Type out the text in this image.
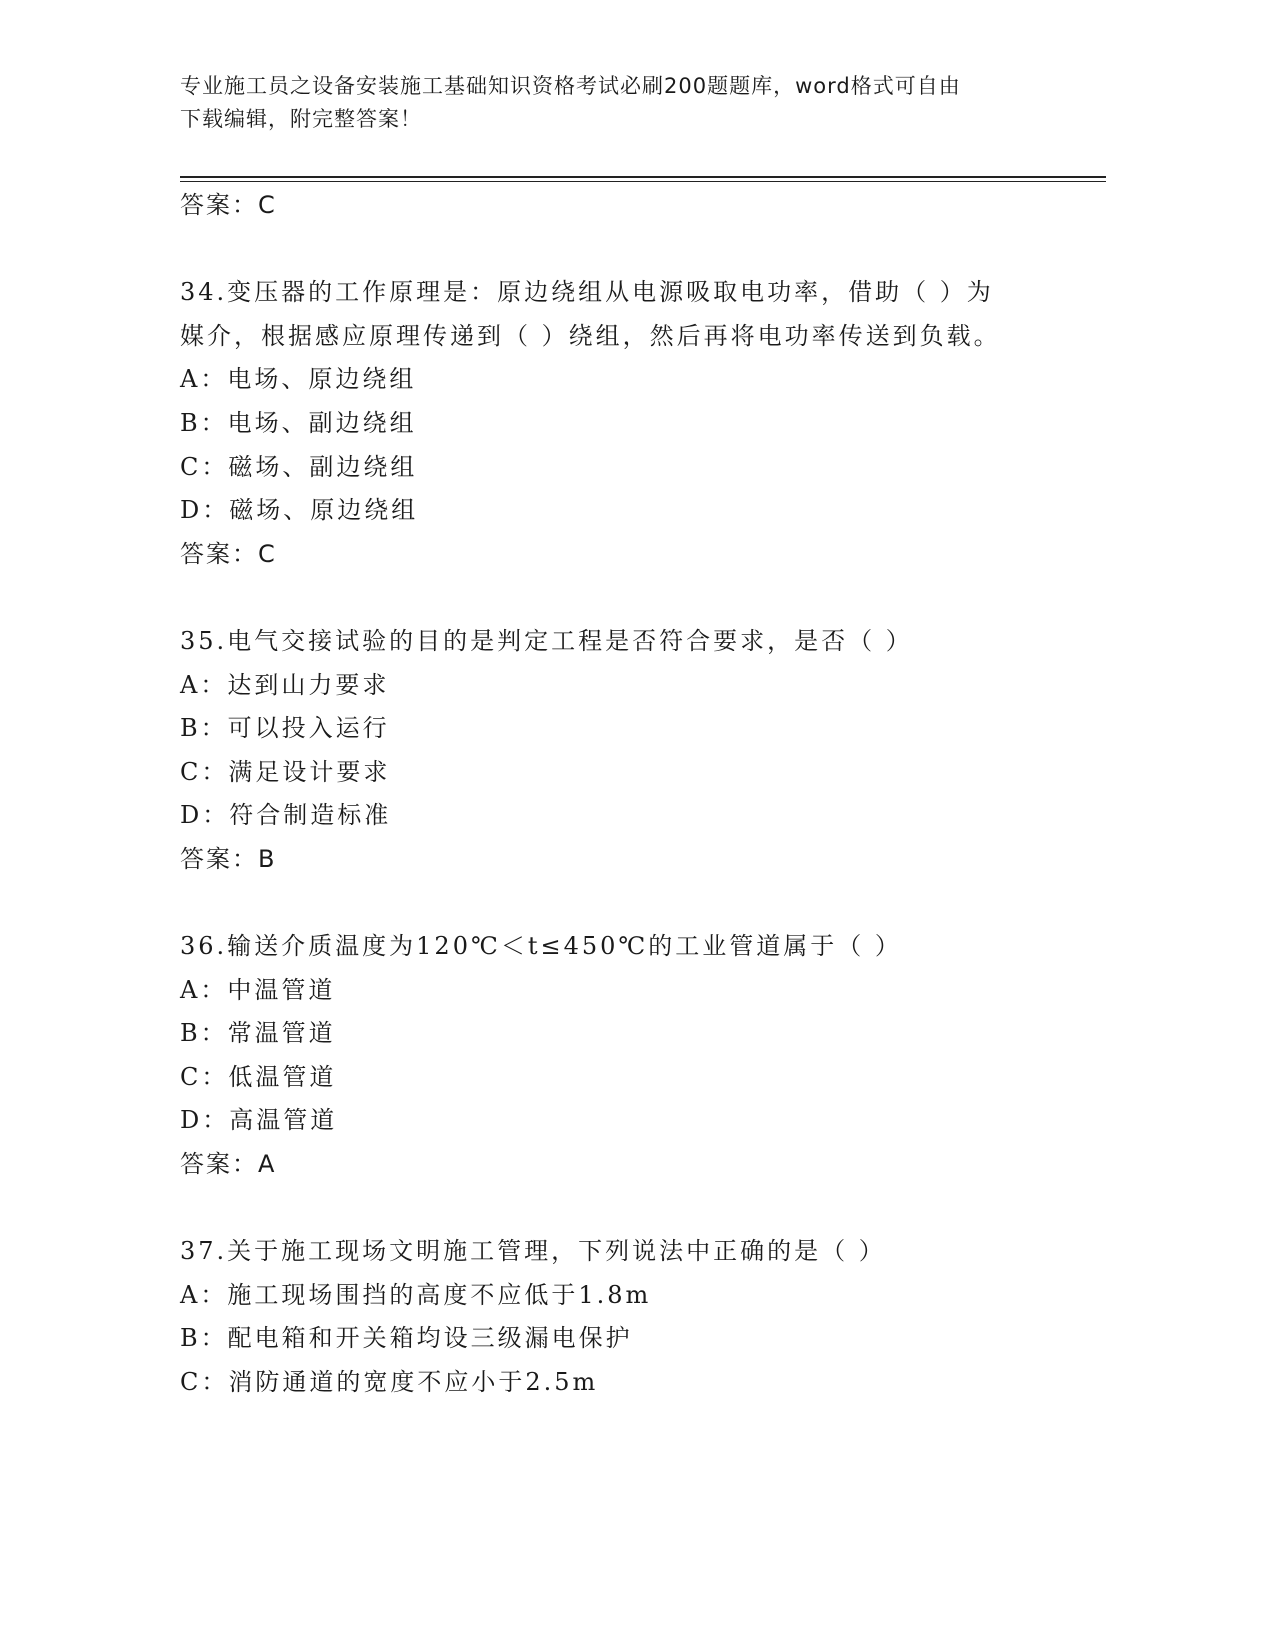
专业施工员之设备安装施工基础知识资格考试必刷200题题库，word格式可自由
下载编辑，附完整答案！
答案：C
34.变压器的工作原理是：原边绕组从电源吸取电功率，借助（ ）为
媒介，根据感应原理传递到（ ）绕组，然后再将电功率传送到负载。
A：电场、原边绕组
B：电场、副边绕组
C：磁场、副边绕组
D：磁场、原边绕组
答案：C
35.电气交接试验的目的是判定工程是否符合要求，是否（ ）
A：达到山力要求
B：可以投入运行
C：满足设计要求
D：符合制造标准
答案：B
36.输送介质温度为120℃＜t≤450℃的工业管道属于（ ）
A：中温管道
B：常温管道
C：低温管道
D：高温管道
答案：A
37.关于施工现场文明施工管理，下列说法中正确的是（ ）
A：施工现场围挡的高度不应低于1.8m
B：配电箱和开关箱均设三级漏电保护
C：消防通道的宽度不应小于2.5m
